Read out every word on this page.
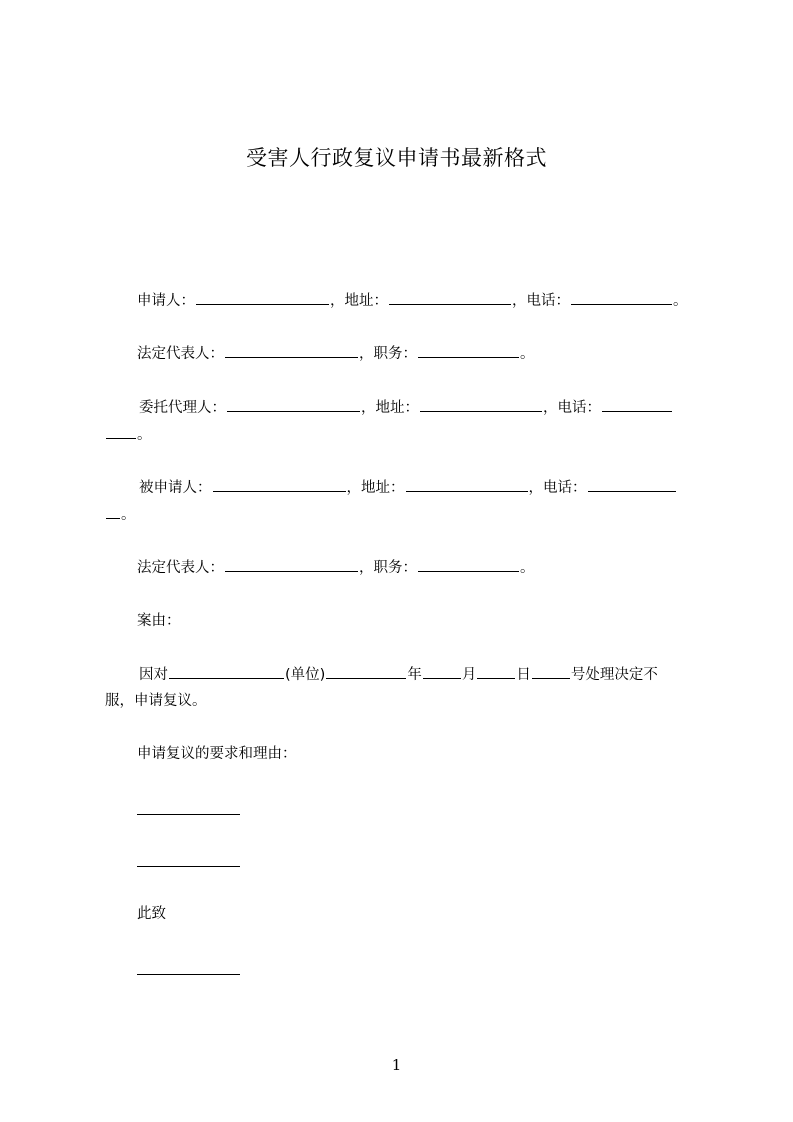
受害人行政复议申请书最新格式
申请人：	，地址：	，电话：	。
法定代表人：	，职务：	。
委托代理人：	，地址：	，电话：
。
被申请人：	，地址：	，电话：
。
法定代表人：	，职务：	。
案由：
因对	(单位)	年	月	日	号处理决定不
服，申请复议。
申请复议的要求和理由：
此致
1
